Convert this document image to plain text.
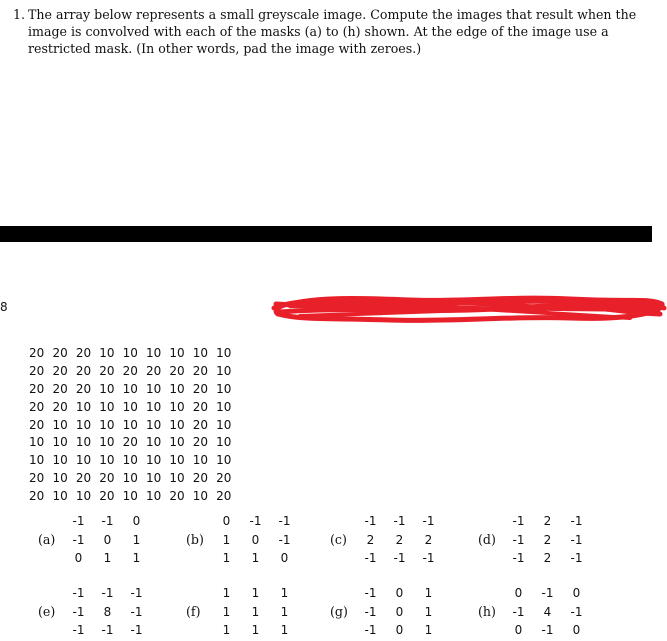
1. The array below represents a small greyscale image. Compute the images that result when the image is convolved with each of the masks (a) to (h) shown. At the edge of the image use a restricted mask. (In other words, pad the image with zeroes.)
8
20 20 20 10 10 10 10 10 10
20 20 20 20 20 20 20 20 10
20 20 20 10 10 10 10 20 10
20 20 10 10 10 10 10 20 10
20 10 10 10 10 10 10 20 10
10 10 10 10 20 10 10 20 10
10 10 10 10 10 10 10 10 10
20 10 20 20 10 10 10 20 20
20 10 10 20 10 10 20 10 20
(a)
-1	-1	0
-1	0	1
0	1	1
(b)
0	-1	-1
1	0	-1
1	1	0
(c)
-1	-1	-1
2	2	2
-1	-1	-1
(d)
-1	2	-1
-1	2	-1
-1	2	-1
(e)
-1	-1	-1
-1	8	-1
-1	-1	-1
(f)
1	1	1
1	1	1
1	1	1
(g)
-1	0	1
-1	0	1
-1	0	1
(h)
0	-1	0
-1	4	-1
0	-1	0
